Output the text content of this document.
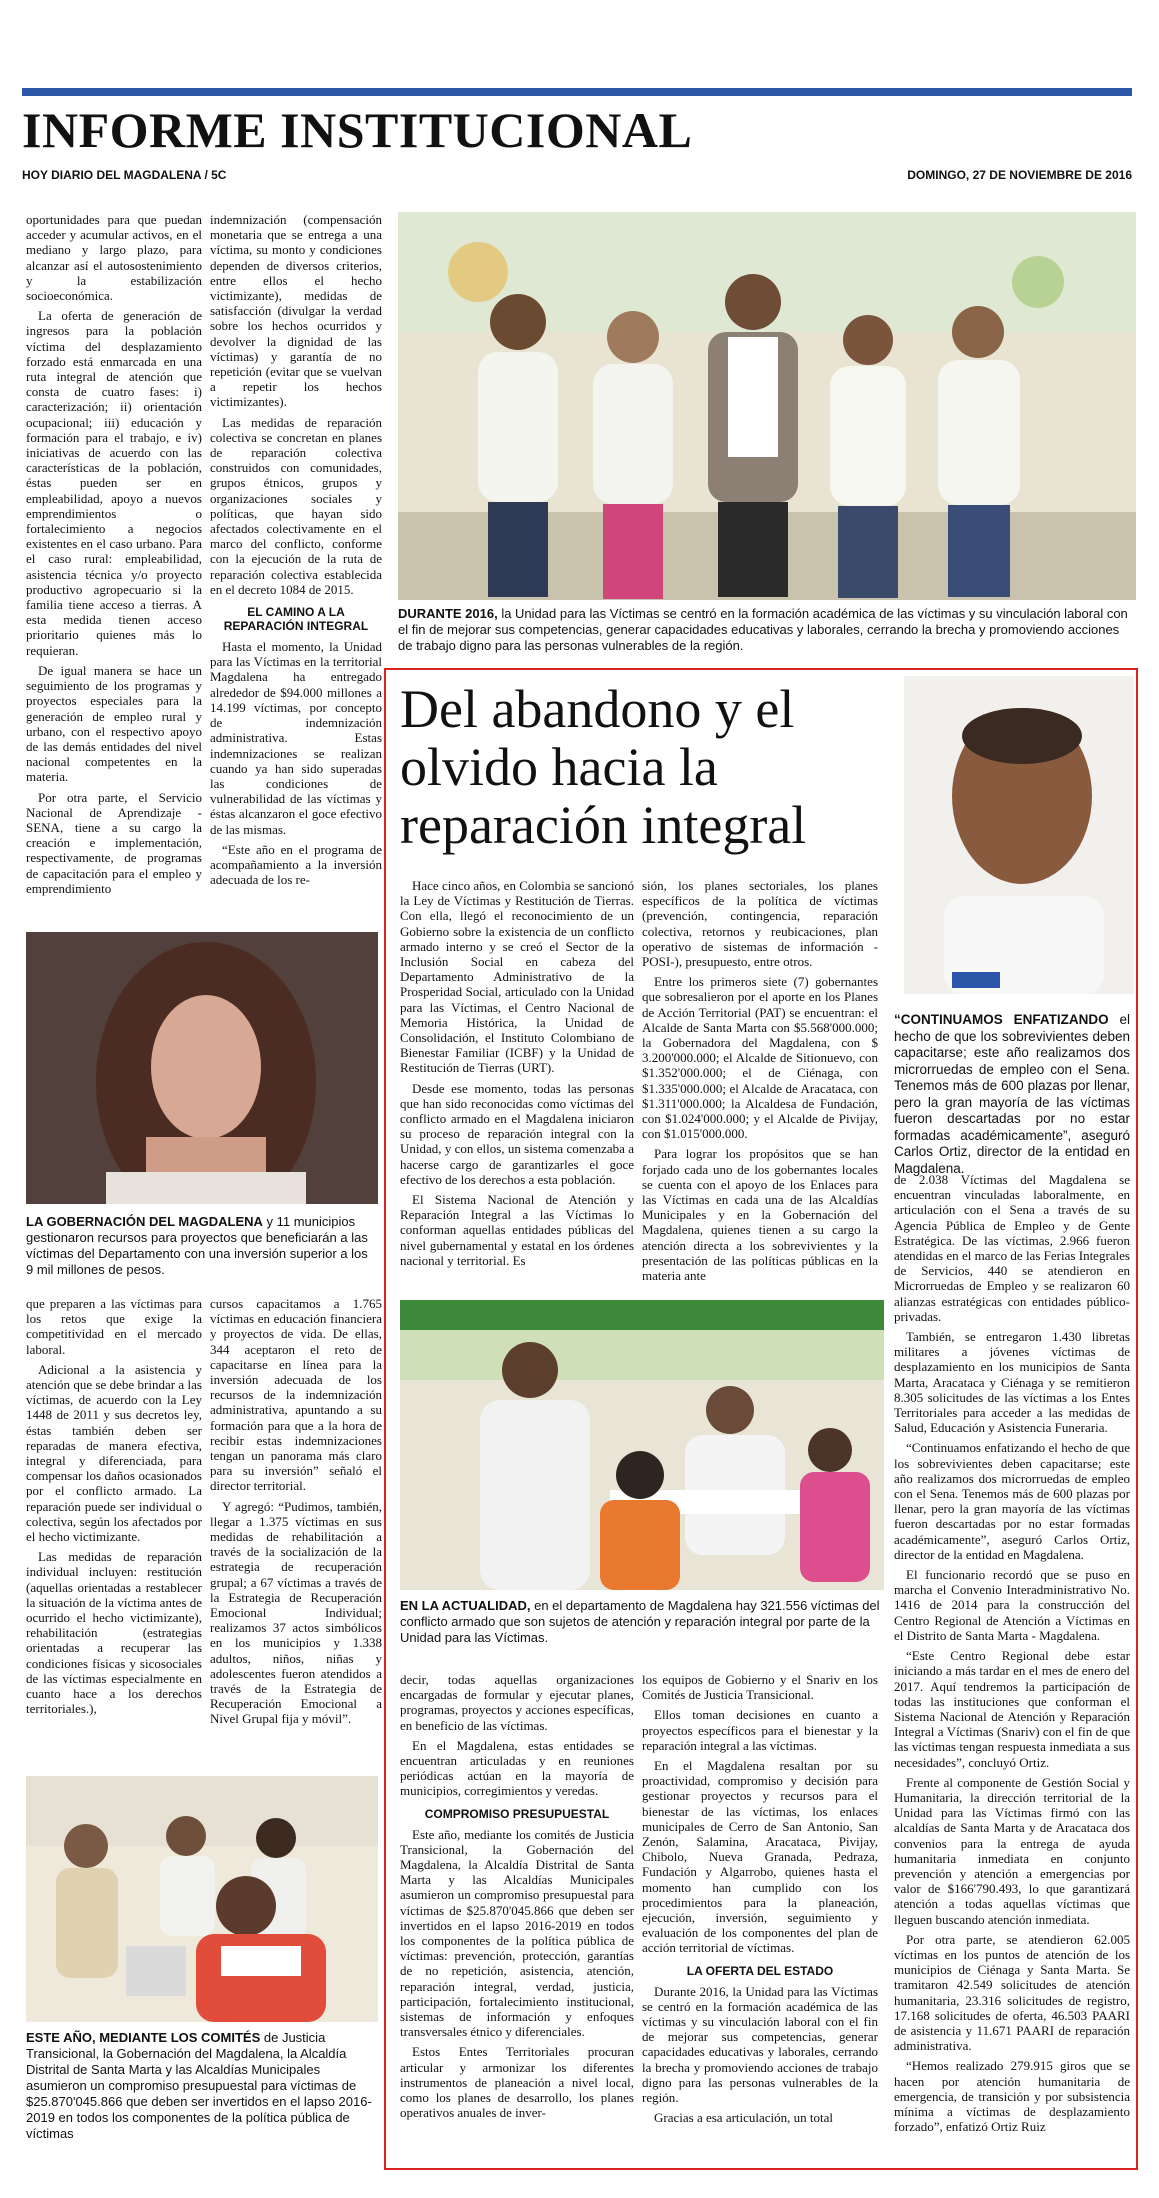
INFORME INSTITUCIONAL
HOY DIARIO DEL MAGDALENA / 5C	DOMINGO, 27 DE NOVIEMBRE DE 2016

oportunidades para que puedan acceder y acumular activos, en el mediano y largo plazo, para alcanzar así el autosostenimiento y la estabilización socioeconómica.

La oferta de generación de ingresos para la población víctima del desplazamiento forzado está enmarcada en una ruta integral de atención que consta de cuatro fases: i) caracterización; ii) orientación ocupacional; iii) educación y formación para el trabajo, e iv) iniciativas de acuerdo con las características de la población, éstas pueden ser en empleabilidad, apoyo a nuevos emprendimientos o fortalecimiento a negocios existentes en el caso urbano. Para el caso rural: empleabilidad, asistencia técnica y/o proyecto productivo agropecuario si la familia tiene acceso a tierras. A esta medida tienen acceso prioritario quienes más lo requieran.

De igual manera se hace un seguimiento de los programas y proyectos especiales para la generación de empleo rural y urbano, con el respectivo apoyo de las demás entidades del nivel nacional competentes en la materia.

Por otra parte, el Servicio Nacional de Aprendizaje - SENA, tiene a su cargo la creación e implementación, respectivamente, de programas de capacitación para el empleo y emprendimiento

indemnización (compensación monetaria que se entrega a una víctima, su monto y condiciones dependen de diversos criterios, entre ellos el hecho victimizante), medidas de satisfacción (divulgar la verdad sobre los hechos ocurridos y devolver la dignidad de las víctimas) y garantía de no repetición (evitar que se vuelvan a repetir los hechos victimizantes).

Las medidas de reparación colectiva se concretan en planes de reparación colectiva construidos con comunidades, grupos étnicos, grupos y organizaciones sociales y políticas, que hayan sido afectados colectivamente en el marco del conflicto, conforme con la ejecución de la ruta de reparación colectiva establecida en el decreto 1084 de 2015.

EL CAMINO A LA REPARACIÓN INTEGRAL

Hasta el momento, la Unidad para las Víctimas en la territorial Magdalena ha entregado alrededor de $94.000 millones a 14.199 víctimas, por concepto de indemnización administrativa. Estas indemnizaciones se realizan cuando ya han sido superadas las condiciones de vulnerabilidad de las víctimas y éstas alcanzaron el goce efectivo de las mismas.

“Este año en el programa de acompañamiento a la inversión adecuada de los re-

DURANTE 2016, la Unidad para las Víctimas se centró en la formación académica de las víctimas y su vinculación laboral con el fin de mejorar sus competencias, generar capacidades educativas y laborales, cerrando la brecha y promoviendo acciones de trabajo digno para las personas vulnerables de la región.
LA GOBERNACIÓN DEL MAGDALENA y 11 municipios gestionaron recursos para proyectos que beneficiarán a las víctimas del Departamento con una inversión superior a los 9 mil millones de pesos.

que preparen a las víctimas para los retos que exige la competitividad en el mercado laboral.

Adicional a la asistencia y atención que se debe brindar a las víctimas, de acuerdo con la Ley 1448 de 2011 y sus decretos ley, éstas también deben ser reparadas de manera efectiva, integral y diferenciada, para compensar los daños ocasionados por el conflicto armado. La reparación puede ser individual o colectiva, según los afectados por el hecho victimizante.

Las medidas de reparación individual incluyen: restitución (aquellas orientadas a restablecer la situación de la víctima antes de ocurrido el hecho victimizante), rehabilitación (estrategias orientadas a recuperar las condiciones físicas y sicosociales de las víctimas especialmente en cuanto hace a los derechos territoriales.),

cursos capacitamos a 1.765 víctimas en educación financiera y proyectos de vida. De ellas, 344 aceptaron el reto de capacitarse en línea para la inversión adecuada de los recursos de la indemnización administrativa, apuntando a su formación para que a la hora de recibir estas indemnizaciones tengan un panorama más claro para su inversión” señaló el director territorial.

Y agregó: “Pudimos, también, llegar a 1.375 víctimas en sus medidas de rehabilitación a través de la socialización de la estrategia de recuperación grupal; a 67 víctimas a través de la Estrategia de Recuperación Emocional Individual; realizamos 37 actos simbólicos en los municipios y 1.338 adultos, niños, niñas y adolescentes fueron atendidos a través de la Estrategia de Recuperación Emocional a Nivel Grupal fija y móvil”.

ESTE AÑO, MEDIANTE LOS COMITÉS de Justicia Transicional, la Gobernación del Magdalena, la Alcaldía Distrital de Santa Marta y las Alcaldías Municipales asumieron un compromiso presupuestal para víctimas de $25.870'045.866 que deben ser invertidos en el lapso 2016-2019 en todos los componentes de la política pública de víctimas
Del abandono y el olvido hacia la reparación integral

Hace cinco años, en Colombia se sancionó la Ley de Víctimas y Restitución de Tierras. Con ella, llegó el reconocimiento de un Gobierno sobre la existencia de un conflicto armado interno y se creó el Sector de la Inclusión Social en cabeza del Departamento Administrativo de la Prosperidad Social, articulado con la Unidad para las Víctimas, el Centro Nacional de Memoria Histórica, la Unidad de Consolidación, el Instituto Colombiano de Bienestar Familiar (ICBF) y la Unidad de Restitución de Tierras (URT).

Desde ese momento, todas las personas que han sido reconocidas como víctimas del conflicto armado en el Magdalena iniciaron su proceso de reparación integral con la Unidad, y con ellos, un sistema comenzaba a hacerse cargo de garantizarles el goce efectivo de los derechos a esta población.

El Sistema Nacional de Atención y Reparación Integral a las Víctimas lo conforman aquellas entidades públicas del nivel gubernamental y estatal en los órdenes nacional y territorial. Es

sión, los planes sectoriales, los planes específicos de la política de víctimas (prevención, contingencia, reparación colectiva, retornos y reubicaciones, plan operativo de sistemas de información -POSI-), presupuesto, entre otros.

Entre los primeros siete (7) gobernantes que sobresalieron por el aporte en los Planes de Acción Territorial (PAT) se encuentran: el Alcalde de Santa Marta con $5.568'000.000; la Gobernadora del Magdalena, con $ 3.200'000.000; el Alcalde de Sitionuevo, con $1.352'000.000; el de Ciénaga, con $1.335'000.000; el Alcalde de Aracataca, con $1.311'000.000; la Alcaldesa de Fundación, con $1.024'000.000; y el Alcalde de Pivijay, con $1.015'000.000.

Para lograr los propósitos que se han forjado cada uno de los gobernantes locales se cuenta con el apoyo de los Enlaces para las Víctimas en cada una de las Alcaldías Municipales y en la Gobernación del Magdalena, quienes tienen a su cargo la atención directa a los sobrevivientes y la presentación de las políticas públicas en la materia ante

“CONTINUAMOS ENFATIZANDO el hecho de que los sobrevivientes deben capacitarse; este año realizamos dos microrruedas de empleo con el Sena. Tenemos más de 600 plazas por llenar, pero la gran mayoría de las víctimas fueron descartadas por no estar formadas académicamente”, aseguró Carlos Ortiz, director de la entidad en Magdalena.

de 2.038 Víctimas del Magdalena se encuentran vinculadas laboralmente, en articulación con el Sena a través de su Agencia Pública de Empleo y de Gente Estratégica. De las víctimas, 2.966 fueron atendidas en el marco de las Ferias Integrales de Servicios, 440 se atendieron en Microrruedas de Empleo y se realizaron 60 alianzas estratégicas con entidades público-privadas.

También, se entregaron 1.430 libretas militares a jóvenes víctimas de desplazamiento en los municipios de Santa Marta, Aracataca y Ciénaga y se remitieron 8.305 solicitudes de las víctimas a los Entes Territoriales para acceder a las medidas de Salud, Educación y Asistencia Funeraria.

“Continuamos enfatizando el hecho de que los sobrevivientes deben capacitarse; este año realizamos dos microrruedas de empleo con el Sena. Tenemos más de 600 plazas por llenar, pero la gran mayoría de las víctimas fueron descartadas por no estar formadas académicamente”, aseguró Carlos Ortiz, director de la entidad en Magdalena.

El funcionario recordó que se puso en marcha el Convenio Interadministrativo No. 1416 de 2014 para la construcción del Centro Regional de Atención a Víctimas en el Distrito de Santa Marta - Magdalena.

“Este Centro Regional debe estar iniciando a más tardar en el mes de enero del 2017. Aquí tendremos la participación de todas las instituciones que conforman el Sistema Nacional de Atención y Reparación Integral a Víctimas (Snariv) con el fin de que las víctimas tengan respuesta inmediata a sus necesidades”, concluyó Ortiz.

Frente al componente de Gestión Social y Humanitaria, la dirección territorial de la Unidad para las Víctimas firmó con las alcaldías de Santa Marta y de Aracataca dos convenios para la entrega de ayuda humanitaria inmediata en conjunto prevención y atención a emergencias por valor de $166'790.493, lo que garantizará atención a todas aquellas víctimas que lleguen buscando atención inmediata.

Por otra parte, se atendieron 62.005 víctimas en los puntos de atención de los municipios de Ciénaga y Santa Marta. Se tramitaron 42.549 solicitudes de atención humanitaria, 23.316 solicitudes de registro, 17.168 solicitudes de oferta, 46.503 PAARI de asistencia y 11.671 PAARI de reparación administrativa.

“Hemos realizado 279.915 giros que se hacen por atención humanitaria de emergencia, de transición y por subsistencia mínima a víctimas de desplazamiento forzado”, enfatizó Ortiz Ruiz

EN LA ACTUALIDAD, en el departamento de Magdalena hay 321.556 víctimas del conflicto armado que son sujetos de atención y reparación integral por parte de la Unidad para las Víctimas.

decir, todas aquellas organizaciones encargadas de formular y ejecutar planes, programas, proyectos y acciones específicas, en beneficio de las víctimas.

En el Magdalena, estas entidades se encuentran articuladas y en reuniones periódicas actúan en la mayoría de municipios, corregimientos y veredas.

COMPROMISO PRESUPUESTAL

Este año, mediante los comités de Justicia Transicional, la Gobernación del Magdalena, la Alcaldía Distrital de Santa Marta y las Alcaldías Municipales asumieron un compromiso presupuestal para víctimas de $25.870'045.866 que deben ser invertidos en el lapso 2016-2019 en todos los componentes de la política pública de víctimas: prevención, protección, garantías de no repetición, asistencia, atención, reparación integral, verdad, justicia, participación, fortalecimiento institucional, sistemas de información y enfoques transversales étnico y diferenciales.

Estos Entes Territoriales procuran articular y armonizar los diferentes instrumentos de planeación a nivel local, como los planes de desarrollo, los planes operativos anuales de inver-

los equipos de Gobierno y el Snariv en los Comités de Justicia Transicional.

Ellos toman decisiones en cuanto a proyectos específicos para el bienestar y la reparación integral a las víctimas.

En el Magdalena resaltan por su proactividad, compromiso y decisión para gestionar proyectos y recursos para el bienestar de las víctimas, los enlaces municipales de Cerro de San Antonio, San Zenón, Salamina, Aracataca, Pivijay, Chibolo, Nueva Granada, Pedraza, Fundación y Algarrobo, quienes hasta el momento han cumplido con los procedimientos para la planeación, ejecución, inversión, seguimiento y evaluación de los componentes del plan de acción territorial de víctimas.

LA OFERTA DEL ESTADO

Durante 2016, la Unidad para las Víctimas se centró en la formación académica de las víctimas y su vinculación laboral con el fin de mejorar sus competencias, generar capacidades educativas y laborales, cerrando la brecha y promoviendo acciones de trabajo digno para las personas vulnerables de la región.

Gracias a esa articulación, un total
